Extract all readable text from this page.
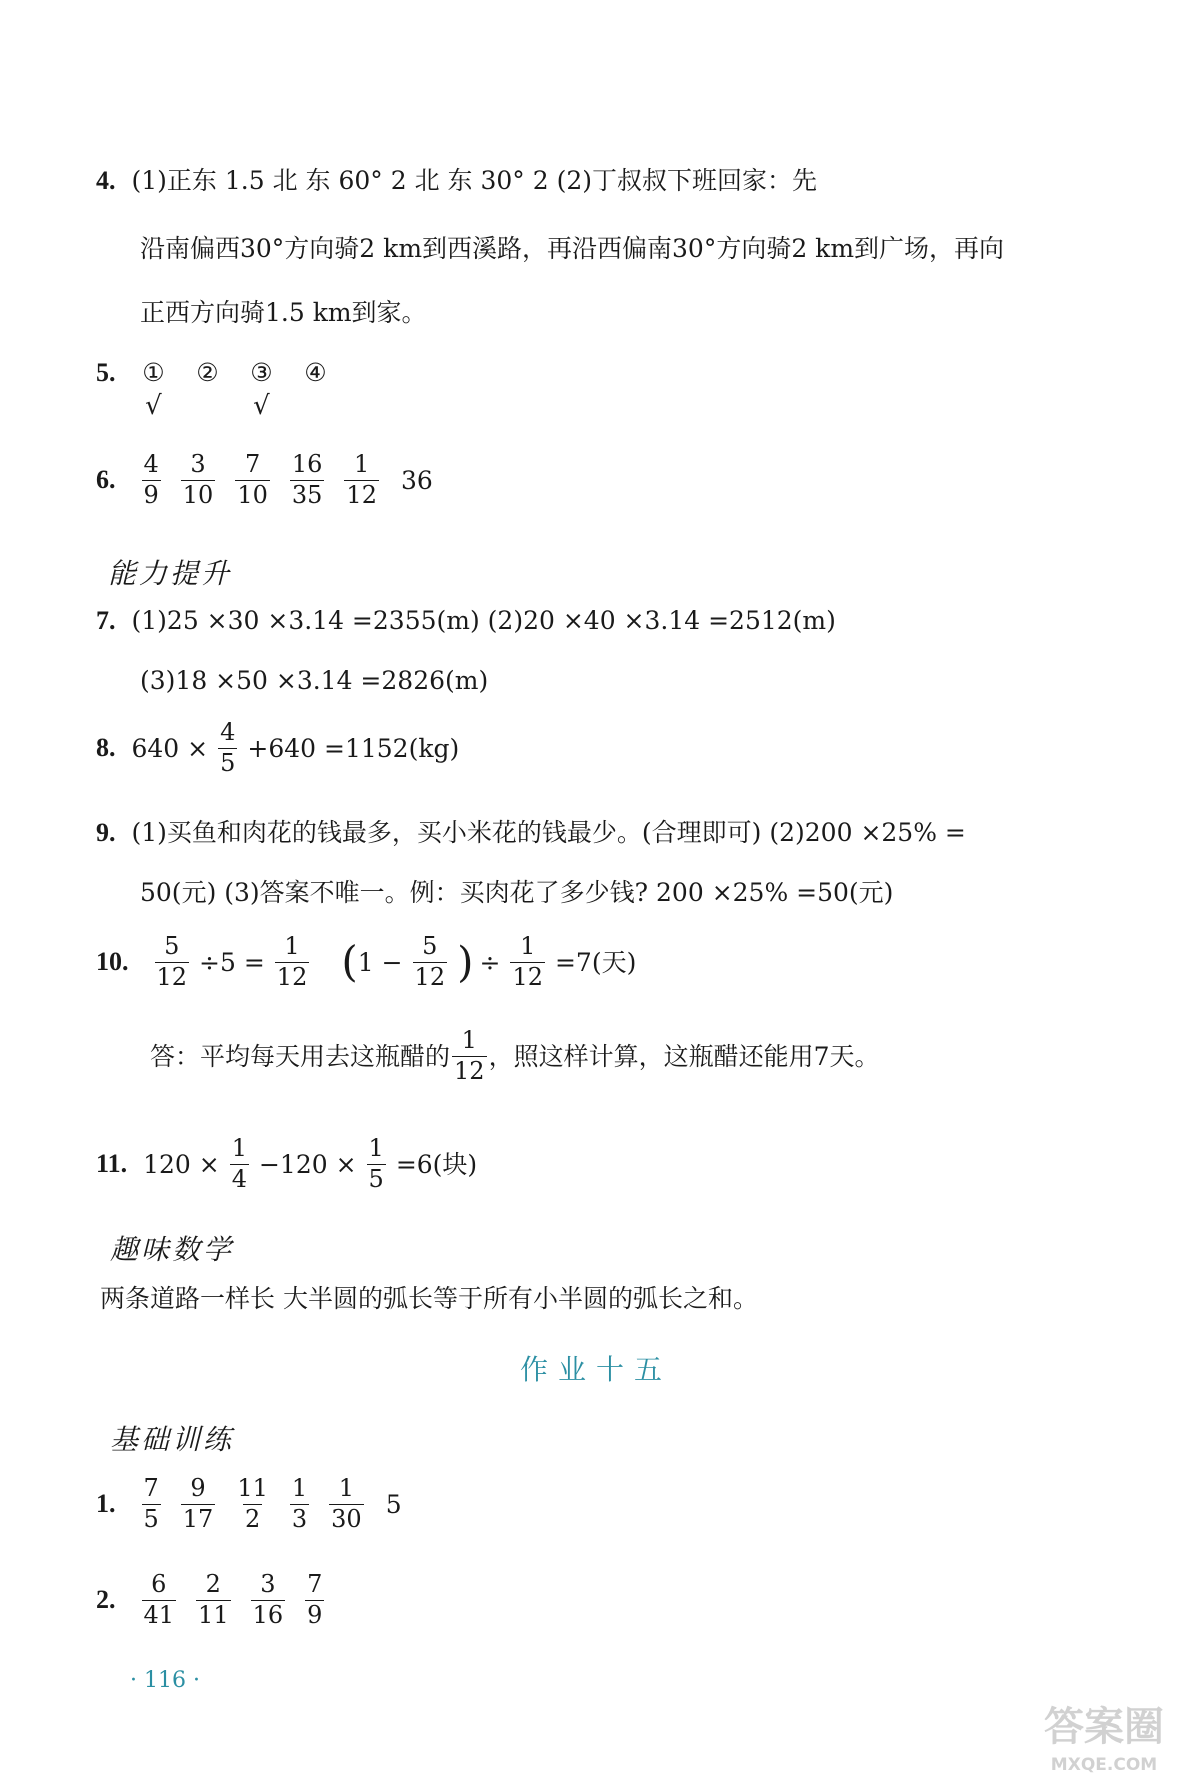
4. (1)正东 1.5 北 东 60° 2 北 东 30° 2 (2)丁叔叔下班回家：先
沿南偏西30°方向骑2 km到西溪路，再沿西偏南30°方向骑2 km到广场，再向
正西方向骑1.5 km到家。
5. ①
√
② ③
√
④
6. $\frac{4}{9} \frac{3}{10} \frac{7}{10} \frac{16}{35} \frac{1}{12} 36$
能力提升
7. (1)25 ×30 ×3.14 =2355(m) (2)20 ×40 ×3.14 =2512(m)
(3)18 ×50 ×3.14 =2826(m)
8. $640 \times \frac{4}{5} +640 =1152(kg)$
9. (1)买鱼和肉花的钱最多，买小米花的钱最少。(合理即可) (2)200 ×25% =
50(元) (3)答案不唯一。例：买肉花了多少钱? 200 ×25% =50(元)
10. $\frac{5}{12} \div 5 = \frac{1}{12} (1 - \frac{5}{12}$ ) ÷ $\frac{1}{12} =7$(天)
答：平均每天用去这瓶醋的 $\frac{1}{12}$ ，照这样计算，这瓶醋还能用7天。
11. $120 \times \frac{1}{4} -120 \times \frac{1}{5} =6$(块)
趣味数学
两条道路一样长 大半圆的弧长等于所有小半圆的弧长之和。
作业十五
基础训练
1. $\frac{7}{5} \frac{9}{17} \frac{11}{2} \frac{1}{3} \frac{1}{30} 5$
2. $\frac{6}{41} \frac{2}{11} \frac{3}{16} \frac{7}{9}$
· 116 ·
答案圈
MXQE.COM
